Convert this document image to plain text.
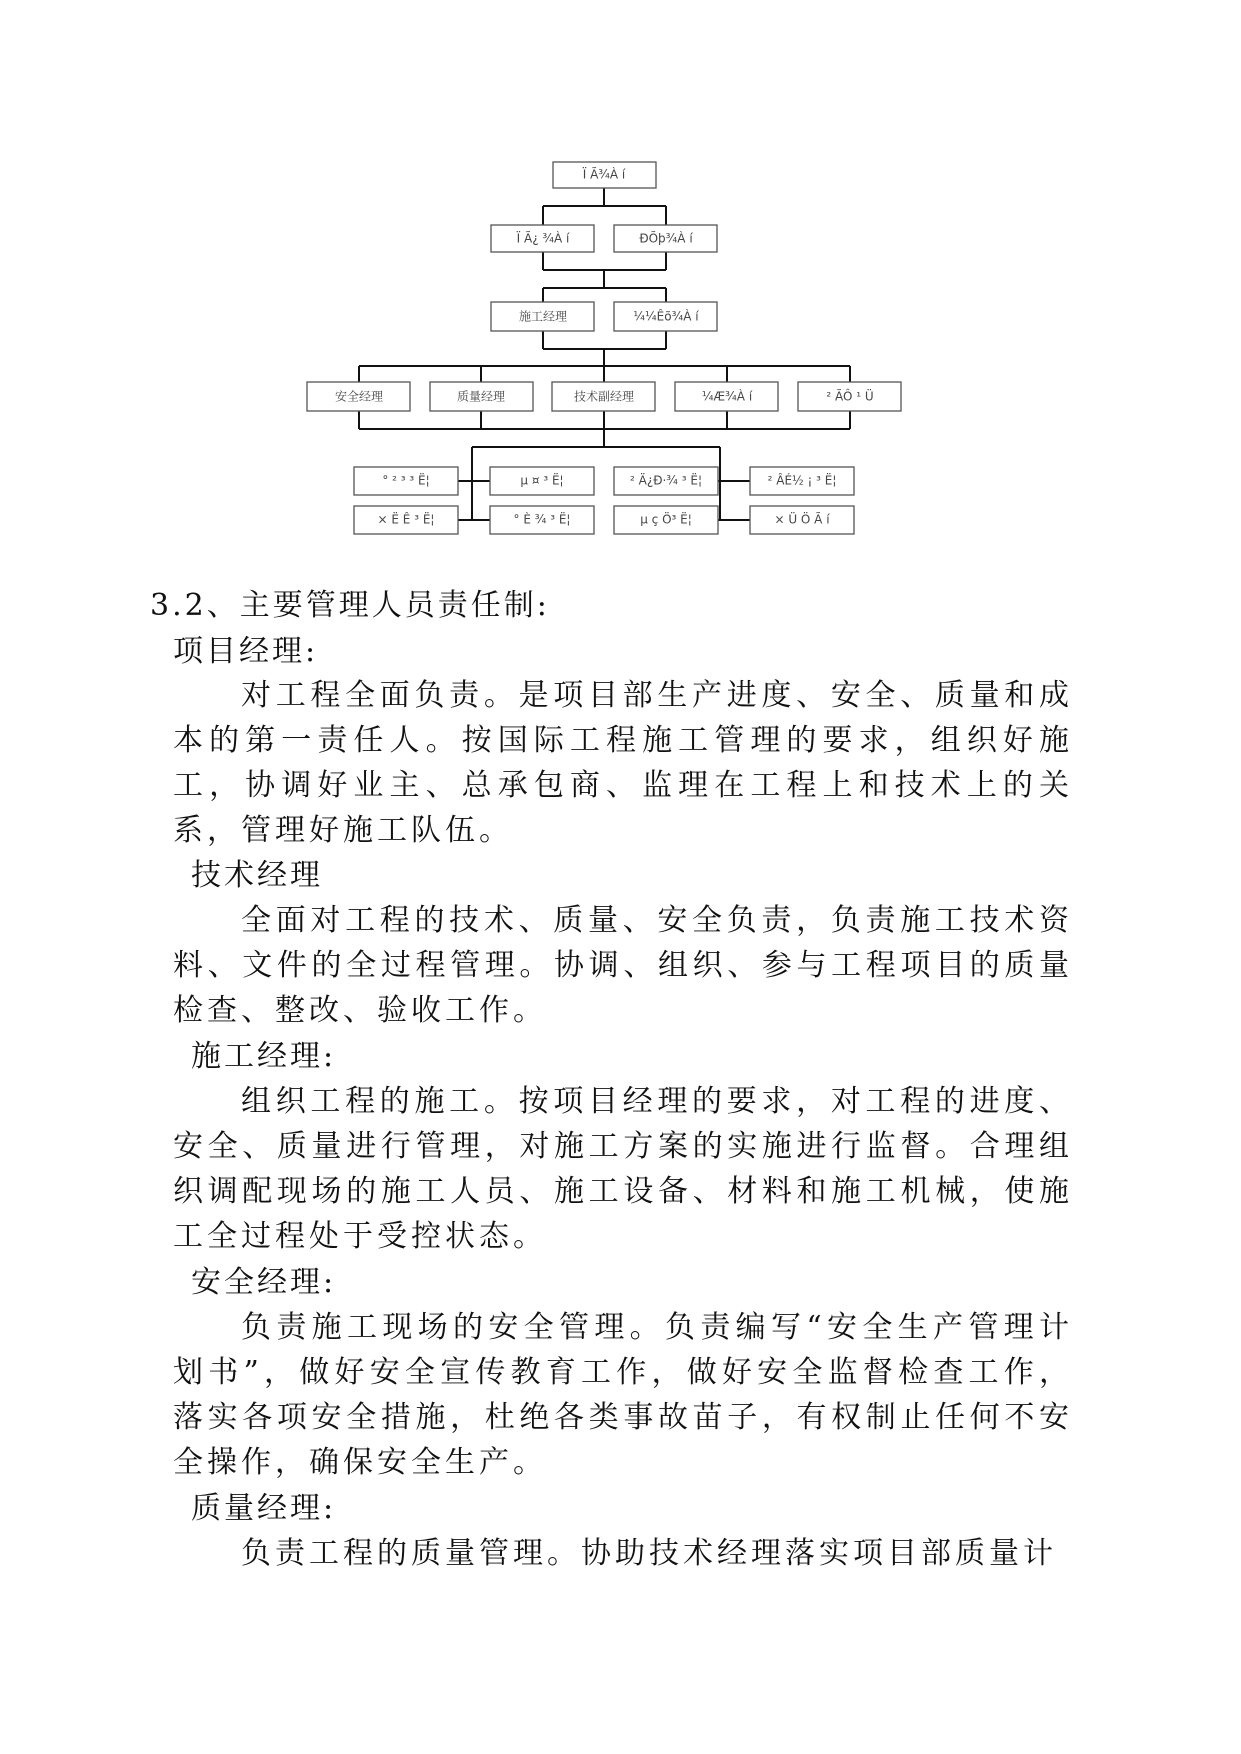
Ï Ã¾À í
Ï Ã¿ ¾À í	ÐÕþ¾À í
施工经理	¼¼Êõ¾À í
安全经理	质量经理	技术副经理	¼Æ¾À í	² ÃÔ ¹ Ü
° ² ³ ³ Ë¦	µ ¤ ³ Ë¦	² Ä¿Ð·¾ ³ Ë¦	² ÂÉ½ ¡ ³ Ë¦
× Ë Ê ³ Ë¦	° È ¾ ³ Ë¦	µ ç Ö³ Ë¦	× Ü Ö Ã í
3.2、主要管理人员责任制:
项目经理:
对工程全面负责。是项目部生产进度、安全、质量和成本的第一责任人。按国际工程施工管理的要求，组织好施工，协调好业主、总承包商、监理在工程上和技术上的关系，管理好施工队伍。
技术经理
全面对工程的技术、质量、安全负责，负责施工技术资料、文件的全过程管理。协调、组织、参与工程项目的质量检查、整改、验收工作。
施工经理:
组织工程的施工。按项目经理的要求，对工程的进度、安全、质量进行管理，对施工方案的实施进行监督。合理组织调配现场的施工人员、施工设备、材料和施工机械，使施工全过程处于受控状态。
安全经理:
负责施工现场的安全管理。负责编写“安全生产管理计划书”，做好安全宣传教育工作，做好安全监督检查工作，落实各项安全措施，杜绝各类事故苗子，有权制止任何不安全操作，确保安全生产。
质量经理:
负责工程的质量管理。协助技术经理落实项目部质量计
